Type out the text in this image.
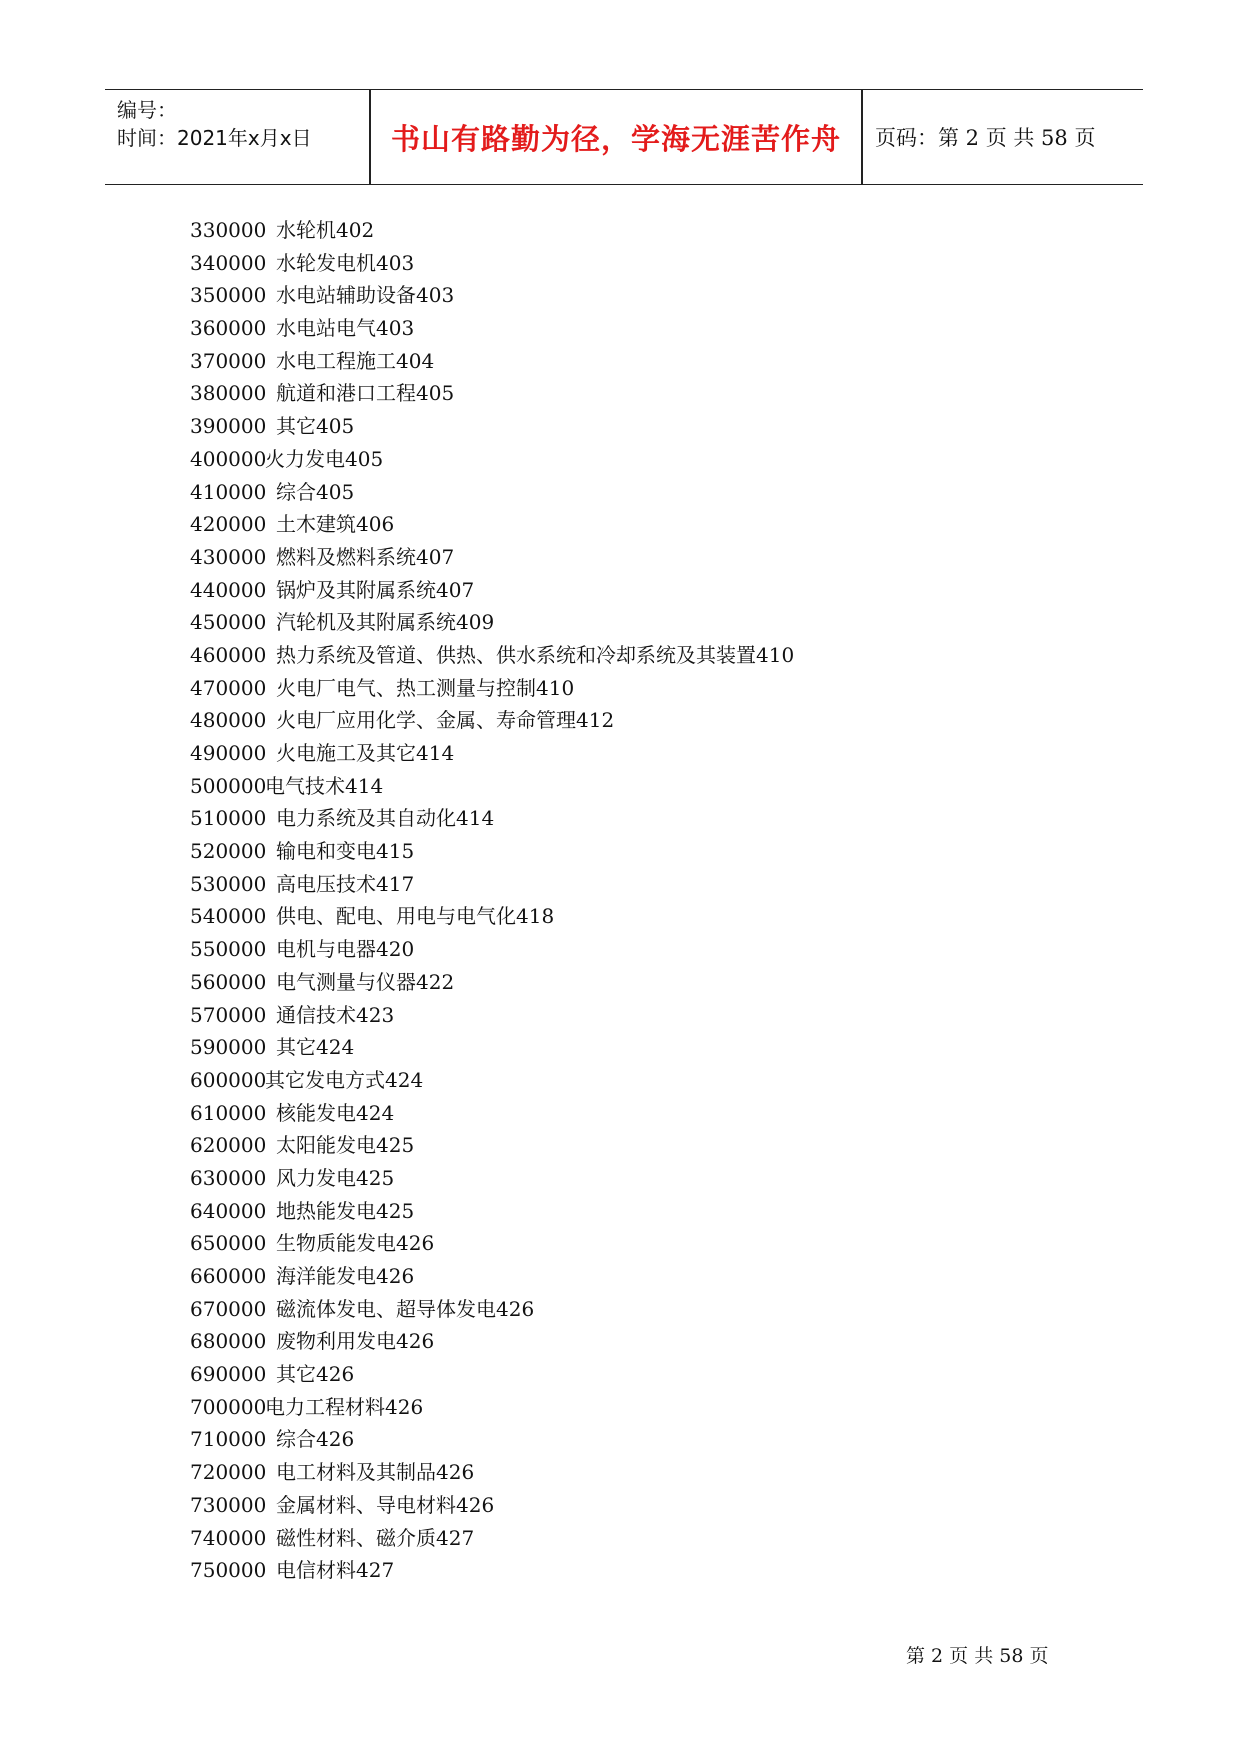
编号：
时间：2021年x月x日	书山有路勤为径，学海无涯苦作舟 页码：第 2 页 共 58 页
330000 水轮机402
340000 水轮发电机403
350000 水电站辅助设备403
360000 水电站电气403
370000 水电工程施工404
380000 航道和港口工程405
390000 其它405
400000火力发电405
410000 综合405
420000 土木建筑406
430000 燃料及燃料系统407
440000 锅炉及其附属系统407
450000 汽轮机及其附属系统409
460000 热力系统及管道、供热、供水系统和冷却系统及其装置410
470000 火电厂电气、热工测量与控制410
480000 火电厂应用化学、金属、寿命管理412
490000 火电施工及其它414
500000电气技术414
510000 电力系统及其自动化414
520000 输电和变电415
530000 高电压技术417
540000 供电、配电、用电与电气化418
550000 电机与电器420
560000 电气测量与仪器422
570000 通信技术423
590000 其它424
600000其它发电方式424
610000 核能发电424
620000 太阳能发电425
630000 风力发电425
640000 地热能发电425
650000 生物质能发电426
660000 海洋能发电426
670000 磁流体发电、超导体发电426
680000 废物利用发电426
690000 其它426
700000电力工程材料426
710000 综合426
720000 电工材料及其制品426
730000 金属材料、导电材料426
740000 磁性材料、磁介质427
750000 电信材料427
第 2 页 共 58 页
